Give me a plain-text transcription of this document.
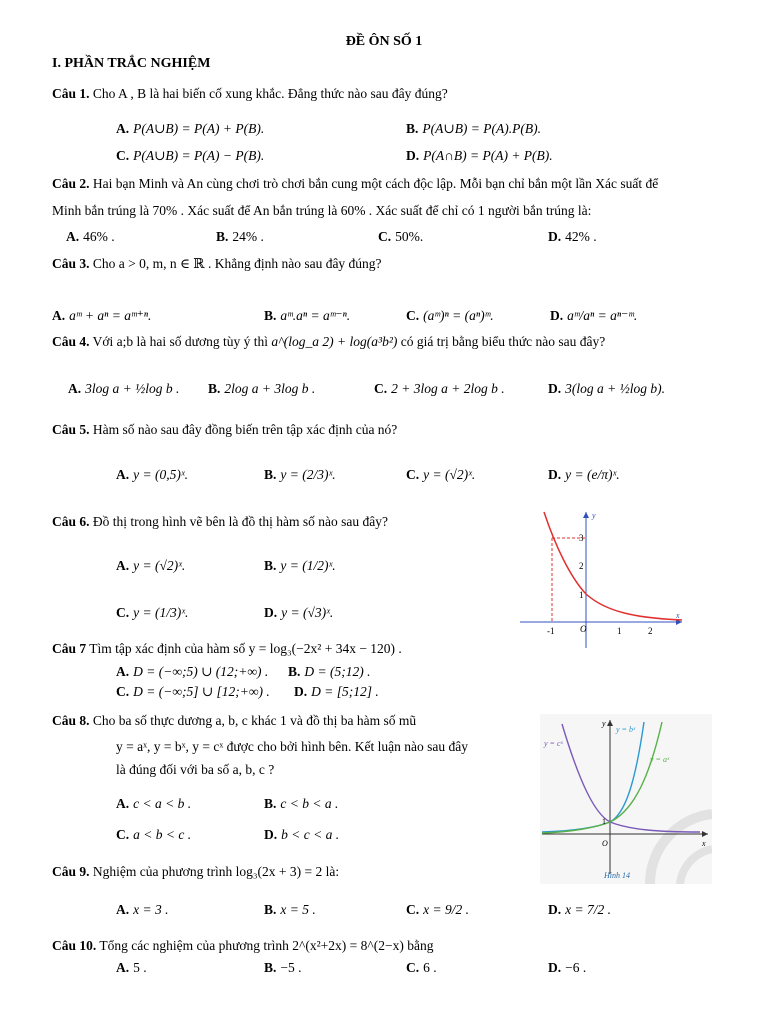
ĐỀ ÔN SỐ 1
I. PHẦN TRẮC NGHIỆM
Câu 1. Cho A , B là hai biến cố xung khắc. Đẳng thức nào sau đây đúng?
A. P(A∪B) = P(A) + P(B).	B. P(A∪B) = P(A).P(B).
C. P(A∪B) = P(A) − P(B).	D. P(A∩B) = P(A) + P(B).
Câu 2. Hai bạn Minh và An cùng chơi trò chơi bắn cung một cách độc lập. Mỗi bạn chỉ bắn một lần Xác suất để
Minh bắn trúng là 70% . Xác suất để An bắn trúng là 60% . Xác suất để chỉ có 1 người bắn trúng là:
A. 46% .	B. 24% .	C. 50%.	D. 42% .
Câu 3. Cho a > 0, m, n ∈ ℝ . Khẳng định nào sau đây đúng?
A. aᵐ + aⁿ = aᵐ⁺ⁿ.	B. aᵐ.aⁿ = aᵐ⁻ⁿ.	C. (aᵐ)ⁿ = (aⁿ)ᵐ.	D. aᵐ/aⁿ = aⁿ⁻ᵐ.
Câu 4. Với a;b là hai số dương tùy ý thì a^(log_a 2) + log(a³b²) có giá trị bằng biểu thức nào sau đây?
A. 3log a + ½log b . B. 2log a + 3log b .	C. 2 + 3log a + 2log b .	D. 3(log a + ½log b).
Câu 5. Hàm số nào sau đây đồng biến trên tập xác định của nó?
A. y = (0,5)ˣ.	B. y = (2/3)ˣ.	C. y = (√2)ˣ.	D. y = (e/π)ˣ.
Câu 6. Đồ thị trong hình vẽ bên là đồ thị hàm số nào sau đây?
A. y = (√2)ˣ.	B. y = (1/2)ˣ.
C. y = (1/3)ˣ.	D. y = (√3)ˣ.
O
-1	1	2
1
2
3
y
x
Câu 7 Tìm tập xác định của hàm số y = log₃(−2x² + 34x − 120) .
A. D = (−∞;5) ∪ (12;+∞) . B. D = (5;12) .
C. D = (−∞;5] ∪ [12;+∞) . D. D = [5;12] .
Câu 8. Cho ba số thực dương a, b, c khác 1 và đồ thị ba hàm số mũ
y = aˣ, y = bˣ, y = cˣ được cho bởi hình bên. Kết luận nào sau đây
là đúng đối với ba số a, b, c ?
A. c < a < b .	B. c < b < a .
C. a < b < c .	D. b < c < a .
y = cˣ
y = bˣ
y = aˣ
1
O
y
x
Hình 14
Câu 9. Nghiệm của phương trình log₃(2x + 3) = 2 là:
A. x = 3 .	B. x = 5 .	C. x = 9/2 .	D. x = 7/2 .
Câu 10. Tổng các nghiệm của phương trình 2^(x²+2x) = 8^(2−x) bằng
A. 5 .	B. −5 .	C. 6 .	D. −6 .
